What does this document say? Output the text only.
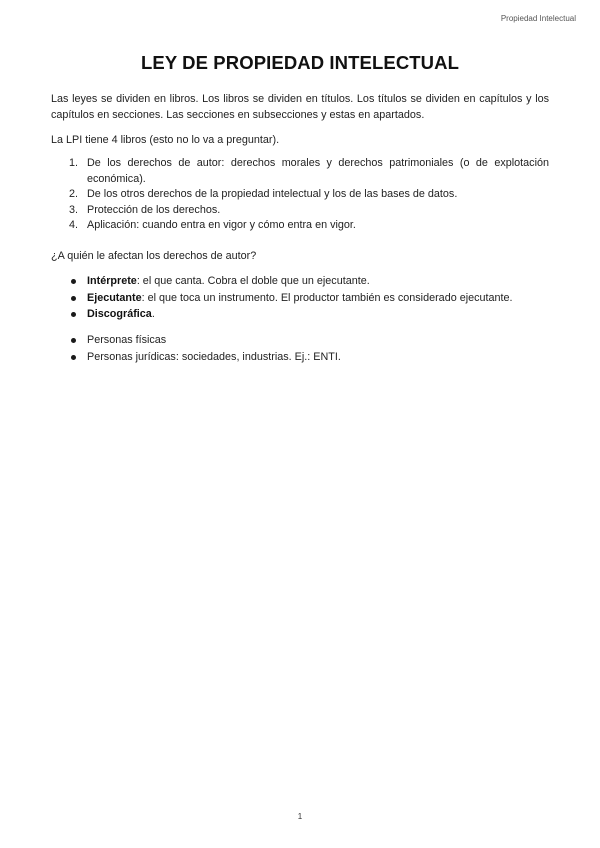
Propiedad Intelectual
LEY DE PROPIEDAD INTELECTUAL

Las leyes se dividen en libros. Los libros se dividen en títulos. Los títulos se dividen en capítulos y los capítulos en secciones. Las secciones en subsecciones y estas en apartados.

La LPI tiene 4 libros (esto no lo va a preguntar).

1. De los derechos de autor: derechos morales y derechos patrimoniales (o de explotación económica).
2. De los otros derechos de la propiedad intelectual y los de las bases de datos.
3. Protección de los derechos.
4. Aplicación: cuando entra en vigor y cómo entra en vigor.

¿A quién le afectan los derechos de autor?

Intérprete: el que canta. Cobra el doble que un ejecutante.
Ejecutante: el que toca un instrumento. El productor también es considerado ejecutante.
Discográfica.
Personas físicas
Personas jurídicas: sociedades, industrias. Ej.: ENTI.
1
